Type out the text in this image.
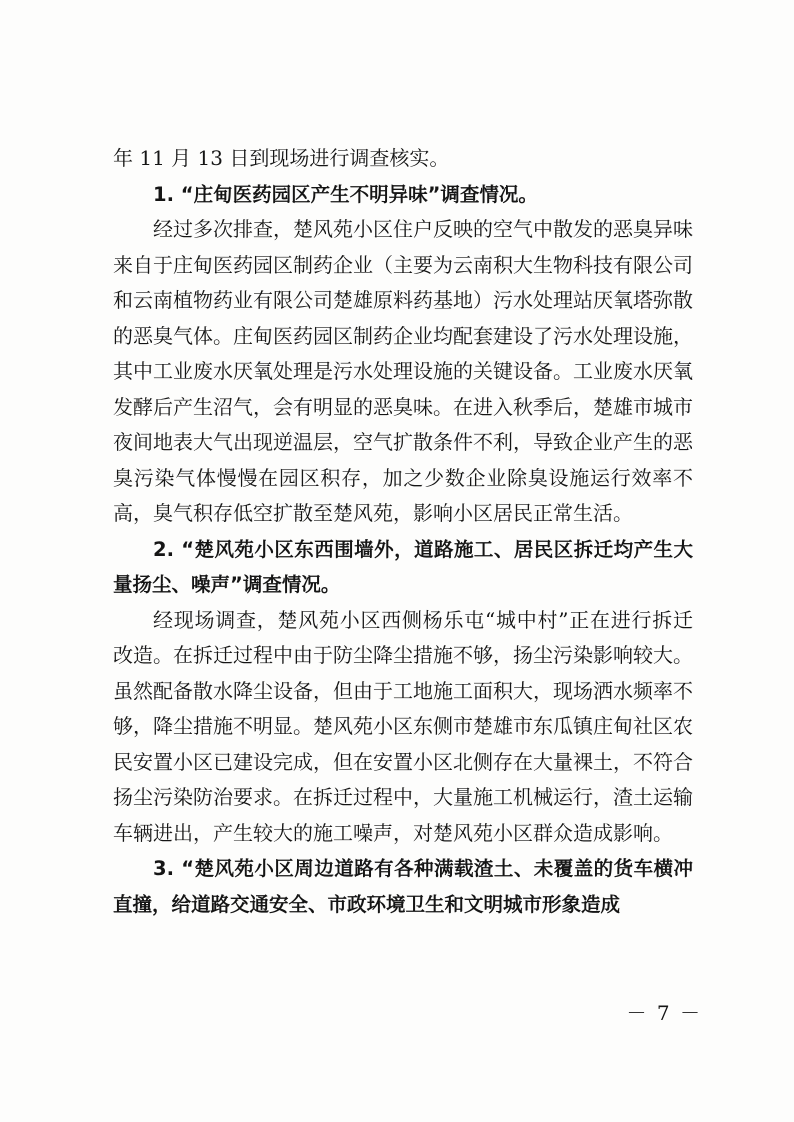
年 11 月 13 日到现场进行调查核实。

1. “庄甸医药园区产生不明异味”调查情况。

经过多次排查，楚风苑小区住户反映的空气中散发的恶臭异味来自于庄甸医药园区制药企业（主要为云南积大生物科技有限公司和云南植物药业有限公司楚雄原料药基地）污水处理站厌氧塔弥散的恶臭气体。庄甸医药园区制药企业均配套建设了污水处理设施，其中工业废水厌氧处理是污水处理设施的关键设备。工业废水厌氧发酵后产生沼气，会有明显的恶臭味。在进入秋季后，楚雄市城市夜间地表大气出现逆温层，空气扩散条件不利，导致企业产生的恶臭污染气体慢慢在园区积存，加之少数企业除臭设施运行效率不高，臭气积存低空扩散至楚风苑，影响小区居民正常生活。

2. “楚风苑小区东西围墙外，道路施工、居民区拆迁均产生大量扬尘、噪声”调查情况。

经现场调查，楚风苑小区西侧杨乐屯“城中村”正在进行拆迁改造。在拆迁过程中由于防尘降尘措施不够，扬尘污染影响较大。虽然配备散水降尘设备，但由于工地施工面积大，现场洒水频率不够，降尘措施不明显。楚风苑小区东侧市楚雄市东瓜镇庄甸社区农民安置小区已建设完成，但在安置小区北侧存在大量裸土，不符合扬尘污染防治要求。在拆迁过程中，大量施工机械运行，渣土运输车辆进出，产生较大的施工噪声，对楚风苑小区群众造成影响。

3. “楚风苑小区周边道路有各种满载渣土、未覆盖的货车横冲直撞，给道路交通安全、市政环境卫生和文明城市形象造成

－ 7 －
